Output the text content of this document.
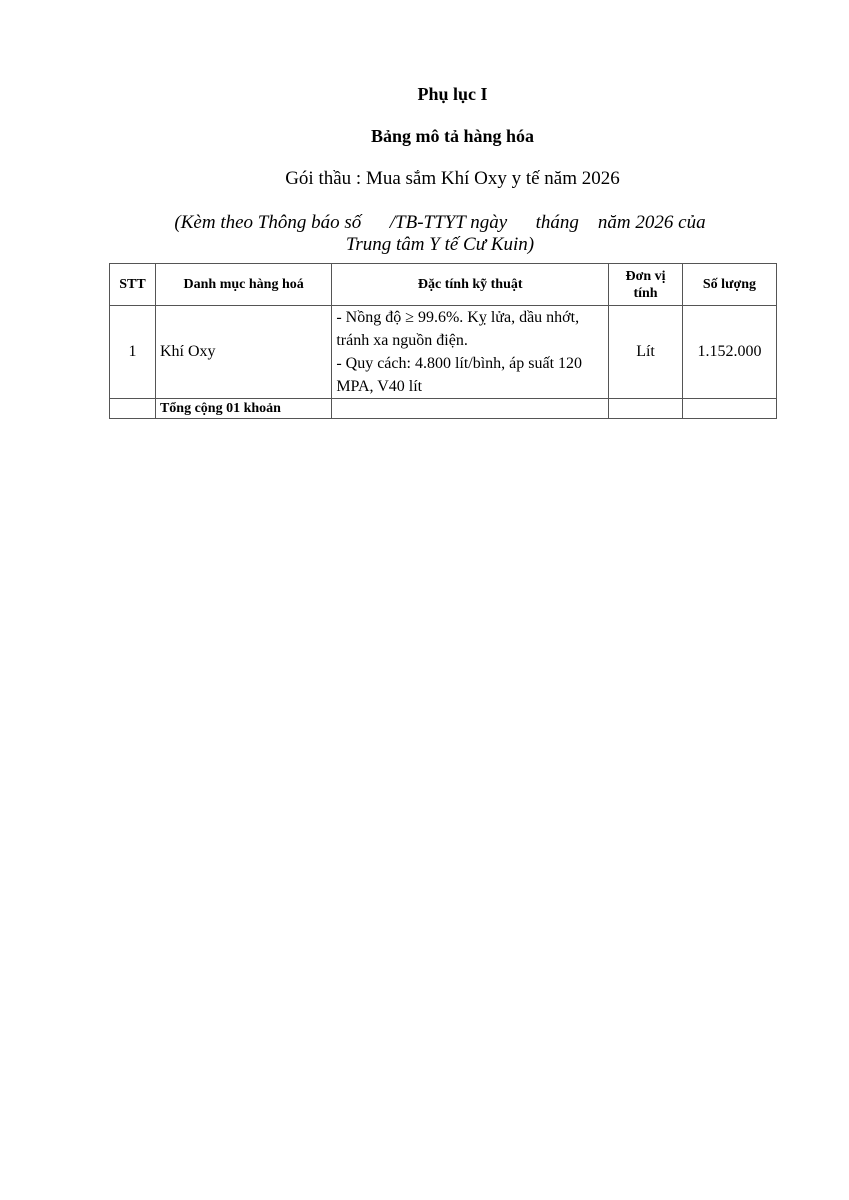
Phụ lục I
Bảng mô tả hàng hóa
Gói thầu : Mua sắm Khí Oxy y tế năm 2026
(Kèm theo Thông báo số      /TB-TTYT ngày      tháng    năm 2026 của
Trung tâm Y tế Cư Kuin)
STT	Danh mục hàng hoá	Đặc tính kỹ thuật	Đơn vị tính	Số lượng
1	Khí Oxy	- Nồng độ ≥ 99.6%. Kỵ lửa, dầu nhớt, tránh xa nguồn điện.
- Quy cách: 4.800 lít/bình, áp suất 120 MPA, V40 lít	Lít	1.152.000
	Tổng cộng 01 khoản			
